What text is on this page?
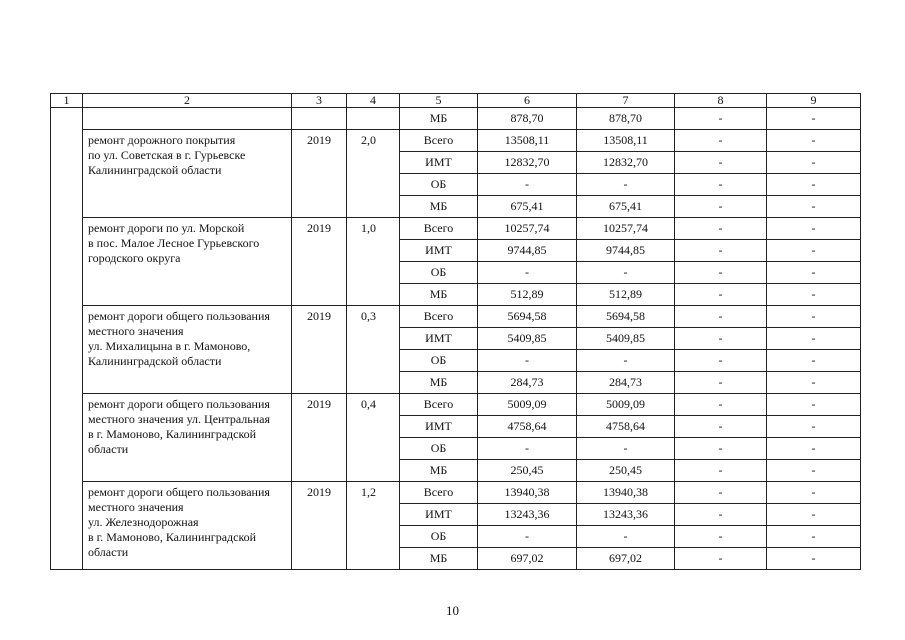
1	2	3	4	5	6	7	8	9
				МБ	878,70	878,70	-	-

	ремонт дорожного покрытия
по ул. Советская в г. Гурьевске
Калининградской области	2019	2,0	Всего	13508,11	13508,11	-	-
				ИМТ	12832,70	12832,70	-	-
				ОБ	-	-	-	-
				МБ	675,41	675,41	-	-

	ремонт дороги по ул. Морской
в пос. Малое Лесное Гурьевского
городского округа	2019	1,0	Всего	10257,74	10257,74	-	-
				ИМТ	9744,85	9744,85	-	-
				ОБ	-	-	-	-
				МБ	512,89	512,89	-	-

	ремонт дороги общего пользования
местного значения
ул. Михалицына в г. Мамоново,
Калининградской области	2019	0,3	Всего	5694,58	5694,58	-	-
				ИМТ	5409,85	5409,85	-	-
				ОБ	-	-	-	-
				МБ	284,73	284,73	-	-

	ремонт дороги общего пользования
местного значения ул. Центральная
в г. Мамоново, Калининградской
области	2019	0,4	Всего	5009,09	5009,09	-	-
				ИМТ	4758,64	4758,64	-	-
				ОБ	-	-	-	-
				МБ	250,45	250,45	-	-

	ремонт дороги общего пользования
местного значения
ул. Железнодорожная
в г. Мамоново, Калининградской
области	2019	1,2	Всего	13940,38	13940,38	-	-
				ИМТ	13243,36	13243,36	-	-
				ОБ	-	-	-	-
				МБ	697,02	697,02	-	-
10
